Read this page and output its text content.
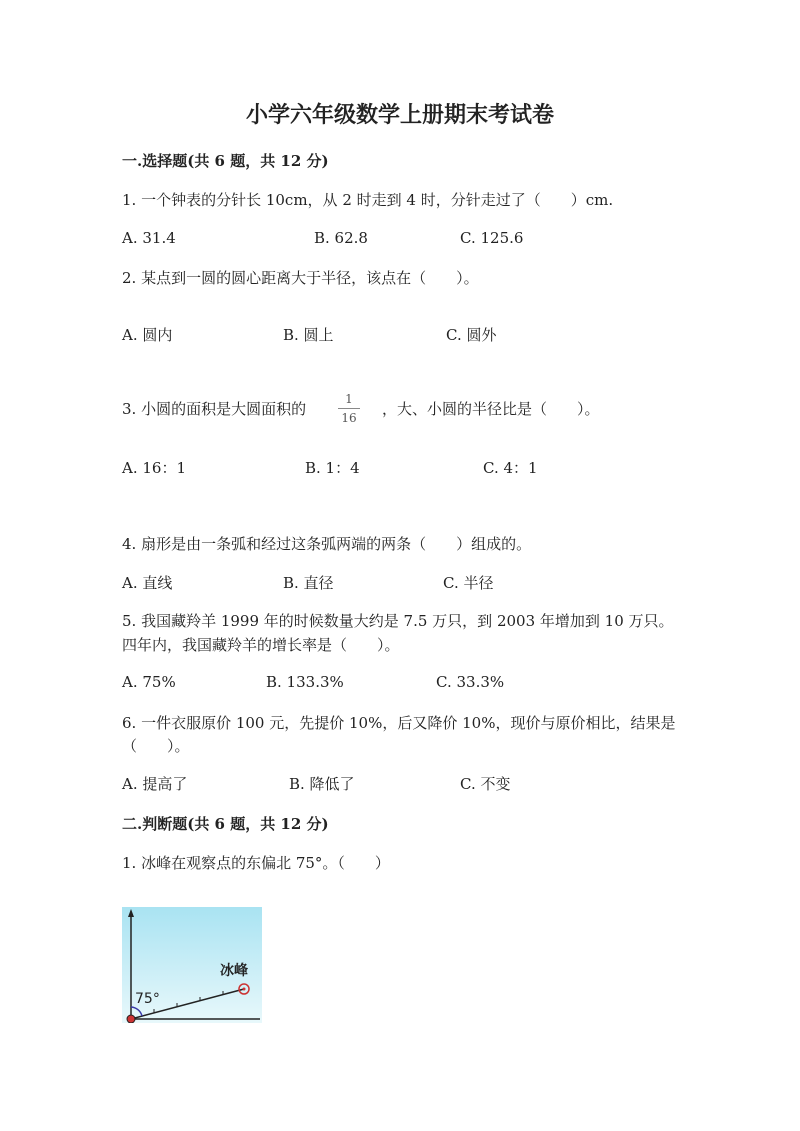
小学六年级数学上册期末考试卷
一.选择题(共 6 题，共 12 分)
1. 一个钟表的分针长 10cm，从 2 时走到 4 时，分针走过了（　　）cm.
A. 31.4	B. 62.8	C. 125.6
2. 某点到一圆的圆心距离大于半径，该点在（　　）。
A. 圆内	B. 圆上	C. 圆外
3. 小圆的面积是大圆面积的
1
16 ，大、小圆的半径比是（　　）。
A. 16：1	B. 1：4	C. 4：1
4. 扇形是由一条弧和经过这条弧两端的两条（　　）组成的。
A. 直线	B. 直径	C. 半径
5. 我国藏羚羊 1999 年的时候数量大约是 7.5 万只，到 2003 年增加到 10 万只。
四年内，我国藏羚羊的增长率是（　　）。
A. 75%	B. 133.3%	C. 33.3%
6. 一件衣服原价 100 元，先提价 10%，后又降价 10%，现价与原价相比，结果是
（　　）。
A. 提高了	B. 降低了	C. 不变
二.判断题(共 6 题，共 12 分)
1. 冰峰在观察点的东偏北 75°。（　　）
75°
冰峰
